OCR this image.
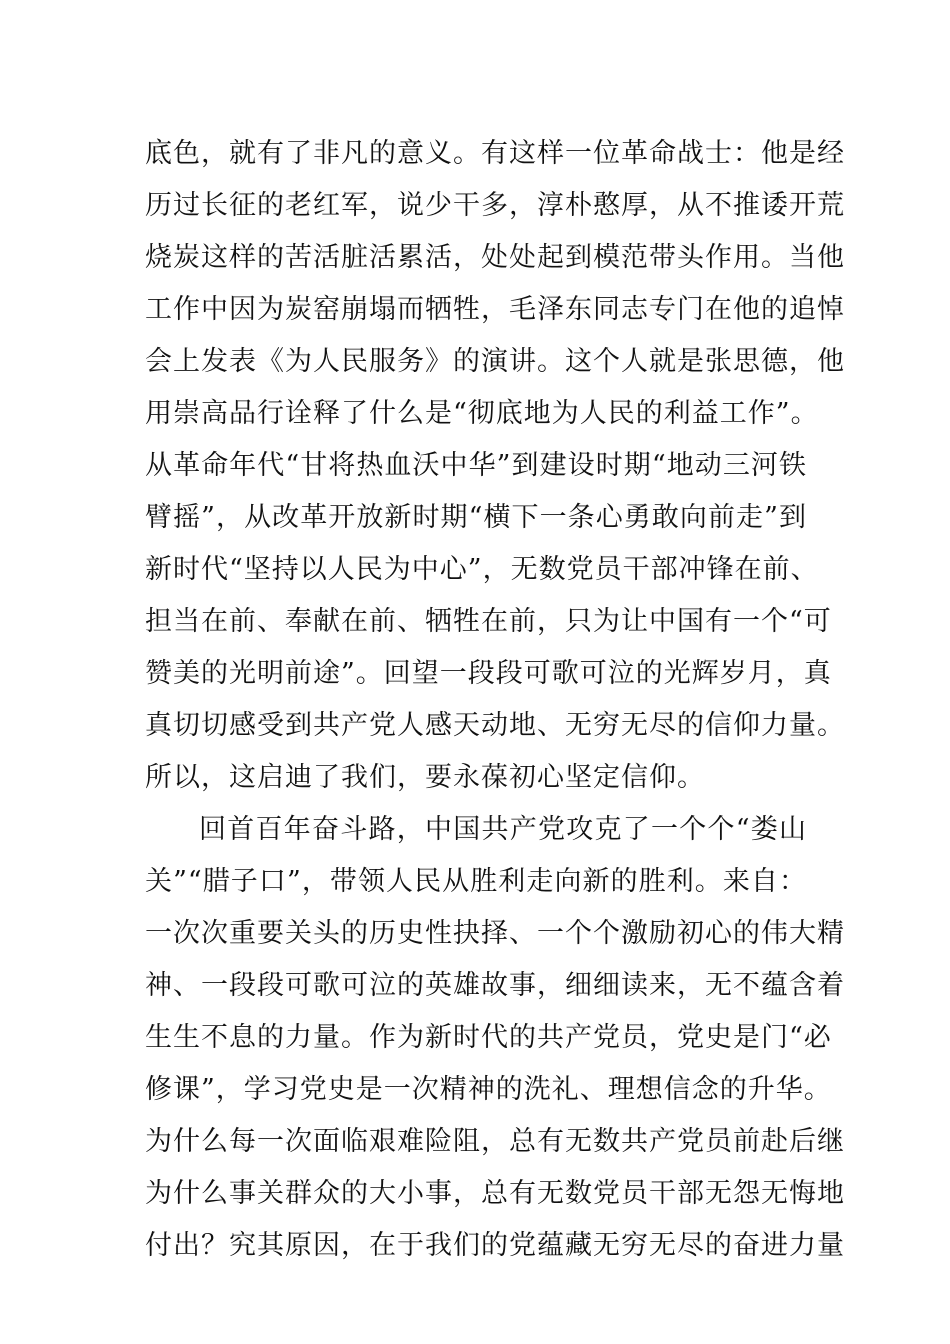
底色，就有了非凡的意义。有这样一位革命战士：他是经
历过长征的老红军，说少干多，淳朴憨厚，从不推诿开荒
烧炭这样的苦活脏活累活，处处起到模范带头作用。当他
工作中因为炭窑崩塌而牺牲，毛泽东同志专门在他的追悼
会上发表《为人民服务》的演讲。这个人就是张思德，他
用崇高品行诠释了什么是“彻底地为人民的利益工作”。
从革命年代“甘将热血沃中华”到建设时期“地动三河铁
臂摇”，从改革开放新时期“横下一条心勇敢向前走”到
新时代“坚持以人民为中心”，无数党员干部冲锋在前、
担当在前、奉献在前、牺牲在前，只为让中国有一个“可
赞美的光明前途”。回望一段段可歌可泣的光辉岁月，真
真切切感受到共产党人感天动地、无穷无尽的信仰力量。
所以，这启迪了我们，要永葆初心坚定信仰。
回首百年奋斗路，中国共产党攻克了一个个“娄山
关”“腊子口”，带领人民从胜利走向新的胜利。来自：
一次次重要关头的历史性抉择、一个个激励初心的伟大精
神、一段段可歌可泣的英雄故事，细细读来，无不蕴含着
生生不息的力量。作为新时代的共产党员，党史是门“必
修课”，学习党史是一次精神的洗礼、理想信念的升华。
为什么每一次面临艰难险阻，总有无数共产党员前赴后继
为什么事关群众的大小事，总有无数党员干部无怨无悔地
付出？究其原因，在于我们的党蕴藏无穷无尽的奋进力量
